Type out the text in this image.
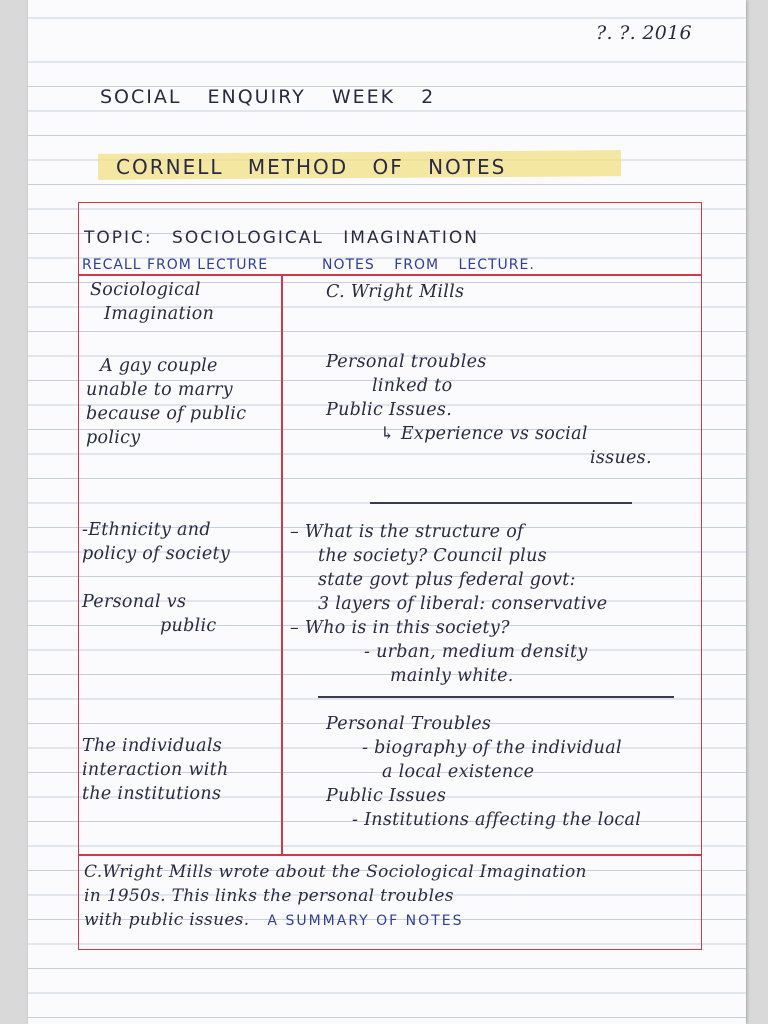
?. ?. 2016
SOCIAL ENQUIRY WEEK 2
CORNELL METHOD OF NOTES
TOPIC: SOCIOLOGICAL IMAGINATION
RECALL FROM LECTURE	NOTES FROM LECTURE.
Sociological
Imagination
A gay couple
unable to marry
because of public
policy
-Ethnicity and
policy of society
Personal vs
public
The individuals
interaction with
the institutions
C. Wright Mills
Personal troubles
linked to
Public Issues.
↳ Experience vs social
issues.
– What is the structure of
the society? Council plus
state govt plus federal govt:
3 layers of liberal: conservative
– Who is in this society?
- urban, medium density
mainly white.
Personal Troubles
- biography of the individual
a local existence
Public Issues
- Institutions affecting the local
C.Wright Mills wrote about the Sociological Imagination
in 1950s. This links the personal troubles
with public issues. A SUMMARY OF NOTES
